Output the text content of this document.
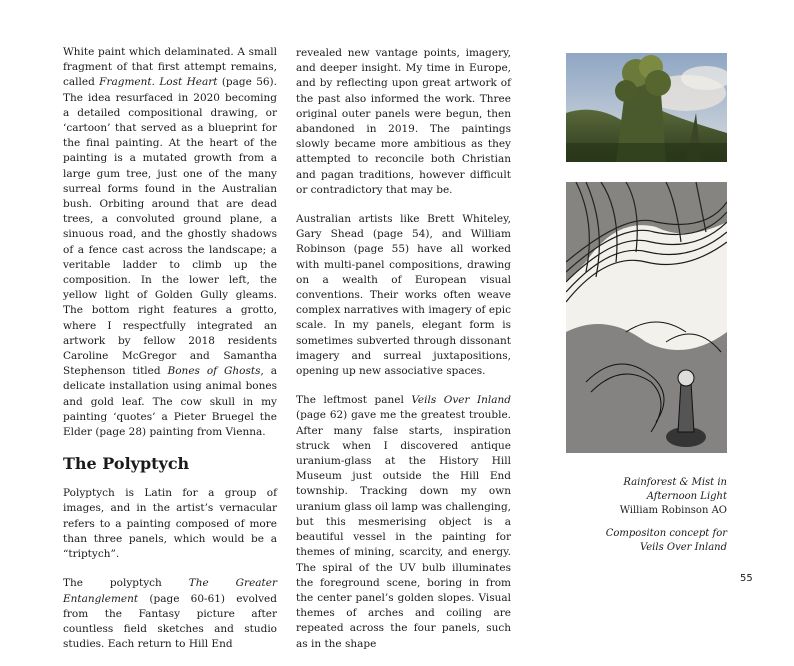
White paint which delaminated. A small fragment of that first attempt remains, called Fragment. Lost Heart (page 56). The idea resurfaced in 2020 becoming a detailed compositional drawing, or ‘cartoon’ that served as a blueprint for the final painting. At the heart of the painting is a mutated growth from a large gum tree, just one of the many surreal forms found in the Australian bush. Orbiting around that are dead trees, a convoluted ground plane, a sinuous road, and the ghostly shadows of a fence cast across the landscape; a veritable ladder to climb up the composition. In the lower left, the yellow light of Golden Gully gleams. The bottom right features a grotto, where I respectfully integrated an artwork by fellow 2018 residents Caroline McGregor and Samantha Stephenson titled Bones of Ghosts, a delicate installation using animal bones and gold leaf. The cow skull in my painting ‘quotes’ a Pieter Bruegel the Elder (page 28) painting from Vienna.

The Polyptych

Polyptych is Latin for a group of images, and in the artist’s vernacular refers to a painting composed of more than three panels, which would be a “triptych”.

The polyptych The Greater Entanglement (page 60-61) evolved from the Fantasy picture after countless field sketches and studio studies. Each return to Hill End

revealed new vantage points, imagery, and deeper insight. My time in Europe, and by reflecting upon great artwork of the past also informed the work. Three original outer panels were begun, then abandoned in 2019. The paintings slowly became more ambitious as they attempted to reconcile both Christian and pagan traditions, however difficult or contradictory that may be.

Australian artists like Brett Whiteley, Gary Shead (page 54), and William Robinson (page 55) have all worked with multi-panel compositions, drawing on a wealth of European visual conventions. Their works often weave complex narratives with imagery of epic scale. In my panels, elegant form is sometimes subverted through dissonant imagery and surreal juxtapositions, opening up new associative spaces.

The leftmost panel Veils Over Inland (page 62) gave me the greatest trouble. After many false starts, inspiration struck when I discovered antique uranium-glass at the History Hill Museum just outside the Hill End township. Tracking down my own uranium glass oil lamp was challenging, but this mesmerising object is a beautiful vessel in the painting for themes of mining, scarcity, and energy. The spiral of the UV bulb illuminates the foreground scene, boring in from the center panel’s golden slopes. Visual themes of arches and coiling are repeated across the four panels, such as in the shape

Rainforest & Mist in
Afternoon Light
William Robinson AO
Compositon concept for
Veils Over Inland
55
